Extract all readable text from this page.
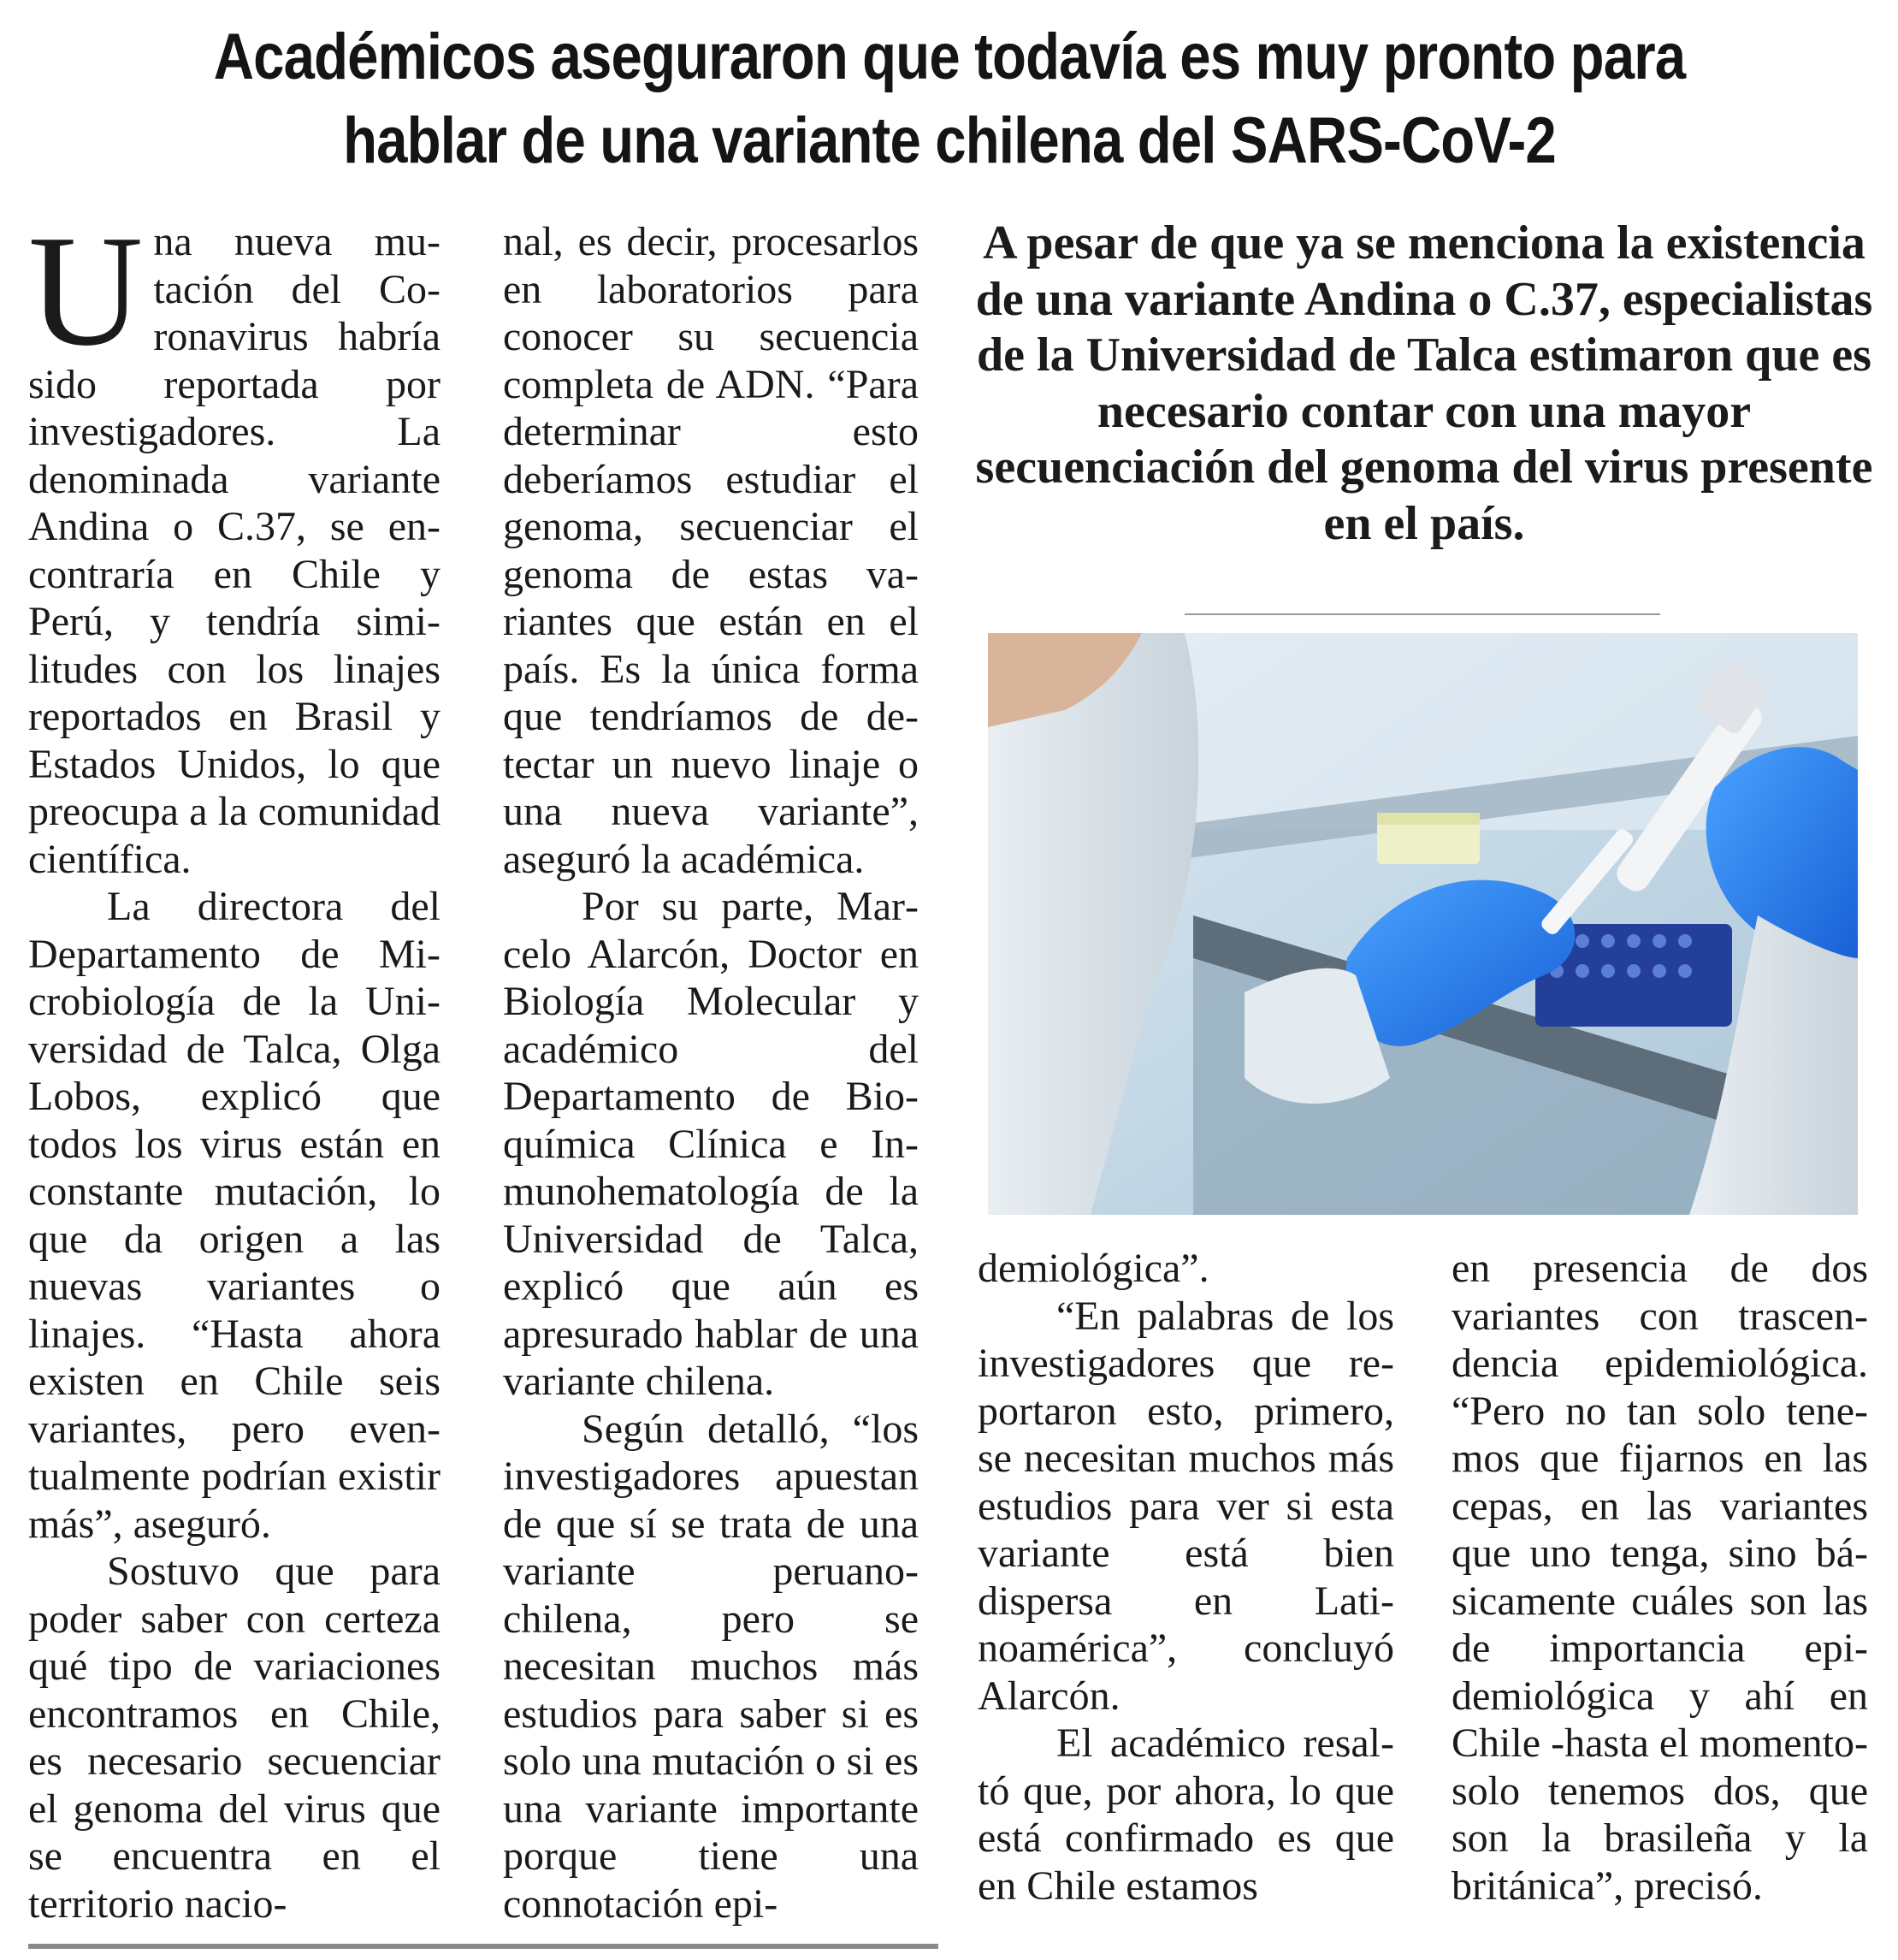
Académicos aseguraron que todavía es muy pronto para
hablar de una variante chilena del SARS-CoV-2
U na nueva mutación del Coronavirus habría sido reportada por investigadores. La denominada variante Andina o C.37, se encontraría en Chile y Perú, y tendría similitudes con los linajes reportados en Brasil y Estados Unidos, lo que preocupa a la comunidad científica.

La directora del Departamento de Microbiología de la Universidad de Talca, Olga Lobos, explicó que todos los virus están en constante mutación, lo que da origen a las nuevas variantes o linajes. “Hasta ahora existen en Chile seis variantes, pero eventualmente podrían existir más”, aseguró.

Sostuvo que para poder saber con certeza qué tipo de variaciones encontramos en Chile, es necesario secuenciar el genoma del virus que se encuentra en el territorio nacio-

nal, es decir, procesarlos en laboratorios para conocer su secuencia completa de ADN. “Para determinar esto deberíamos estudiar el genoma, secuenciar el genoma de estas variantes que están en el país. Es la única forma que tendríamos de detectar un nuevo linaje o una nueva variante”, aseguró la académica.

Por su parte, Marcelo Alarcón, Doctor en Biología Molecular y académico del Departamento de Bioquímica Clínica e Inmunohematología de la Universidad de Talca, explicó que aún es apresurado hablar de una variante chilena.

Según detalló, “los investigadores apuestan de que sí se trata de una variante peruano-chilena, pero se necesitan muchos más estudios para saber si es solo una mutación o si es una variante importante porque tiene una connotación epi-

A pesar de que ya se menciona la existencia de una variante Andina o C.37, especialistas de la Universidad de Talca estimaron que es necesario contar con una mayor secuenciación del genoma del virus presente en el país.

demiológica”.

“En palabras de los investigadores que reportaron esto, primero, se necesitan muchos más estudios para ver si esta variante está bien dispersa en Latinoamérica”, concluyó Alarcón.

El académico resaltó que, por ahora, lo que está confirmado es que en Chile estamos

en presencia de dos variantes con trascendencia epidemiológica. “Pero no tan solo tenemos que fijarnos en las cepas, en las variantes que uno tenga, sino básicamente cuáles son las de importancia epidemiológica y ahí en Chile -hasta el momento- solo tenemos dos, que son la brasileña y la británica”, precisó.
